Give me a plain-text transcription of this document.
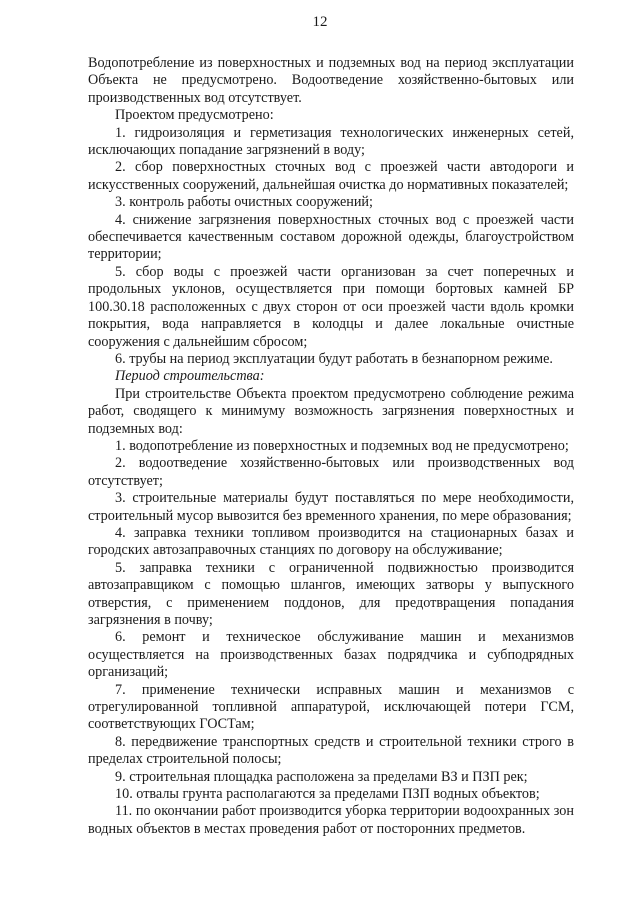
12

Водопотребление из поверхностных и подземных вод на период эксплуатации Объекта не предусмотрено. Водоотведение хозяйственно-бытовых или производственных вод отсутствует.

Проектом предусмотрено:

1. гидроизоляция и герметизация технологических инженерных сетей, исключающих попадание загрязнений в воду;

2. сбор поверхностных сточных вод с проезжей части автодороги и искусственных сооружений, дальнейшая очистка до нормативных показателей;

3. контроль работы очистных сооружений;

4. снижение загрязнения поверхностных сточных вод с проезжей части обеспечивается качественным составом дорожной одежды, благоустройством территории;

5. сбор воды с проезжей части организован за счет поперечных и продольных уклонов, осуществляется при помощи бортовых камней БР 100.30.18 расположенных с двух сторон от оси проезжей части вдоль кромки покрытия, вода направляется в колодцы и далее локальные очистные сооружения с дальнейшим сбросом;

6. трубы на период эксплуатации будут работать в безнапорном режиме.

Период строительства:

При строительстве Объекта проектом предусмотрено соблюдение режима работ, сводящего к минимуму возможность загрязнения поверхностных и подземных вод:

1. водопотребление из поверхностных и подземных вод не предусмотрено;

2. водоотведение хозяйственно-бытовых или производственных вод отсутствует;

3. строительные материалы будут поставляться по мере необходимости, строительный мусор вывозится без временного хранения, по мере образования;

4. заправка техники топливом производится на стационарных базах и городских автозаправочных станциях по договору на обслуживание;

5. заправка техники с ограниченной подвижностью производится автозаправщиком с помощью шлангов, имеющих затворы у выпускного отверстия, с применением поддонов, для предотвращения попадания загрязнения в почву;

6. ремонт и техническое обслуживание машин и механизмов осуществляется на производственных базах подрядчика и субподрядных организаций;

7. применение технически исправных машин и механизмов с отрегулированной топливной аппаратурой, исключающей потери ГСМ, соответствующих ГОСТам;

8. передвижение транспортных средств и строительной техники строго в пределах строительной полосы;

9. строительная площадка расположена за пределами ВЗ и ПЗП рек;

10. отвалы грунта располагаются за пределами ПЗП водных объектов;

11. по окончании работ производится уборка территории водоохранных зон водных объектов в местах проведения работ от посторонних предметов.
